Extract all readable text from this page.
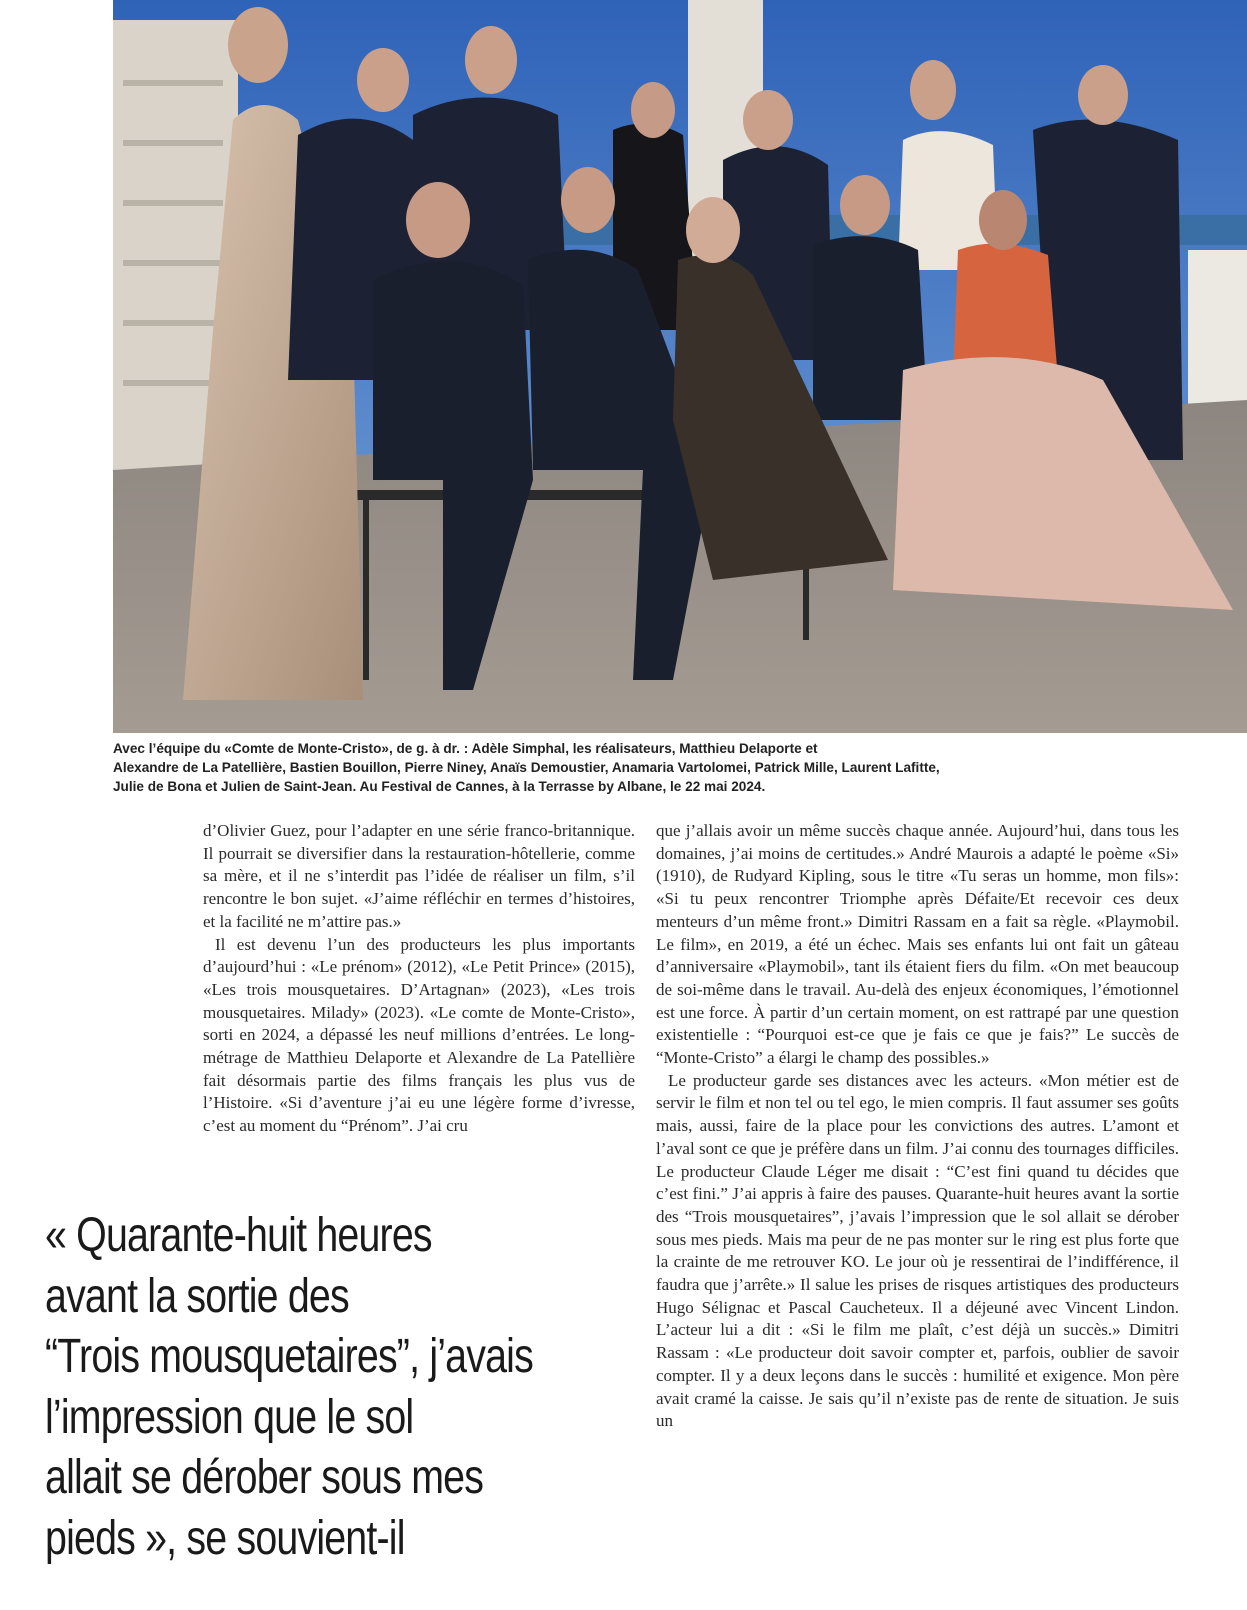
Avec l’équipe du «Comte de Monte-Cristo», de g. à dr. : Adèle Simphal, les réalisateurs, Matthieu Delaporte et

Alexandre de La Patellière, Bastien Bouillon, Pierre Niney, Anaïs Demoustier, Anamaria Vartolomei, Patrick Mille, Laurent Lafitte,

Julie de Bona et Julien de Saint-Jean. Au Festival de Cannes, à la Terrasse by Albane, le 22 mai 2024.

d’Olivier Guez, pour l’adapter en une série franco-britannique. Il pourrait se diversifier dans la restauration-hôtellerie, comme sa mère, et il ne s’interdit pas l’idée de réaliser un film, s’il rencontre le bon sujet. «J’aime réfléchir en termes d’histoires, et la facilité ne m’attire pas.»

Il est devenu l’un des producteurs les plus importants d’aujourd’hui : «Le prénom» (2012), «Le Petit Prince» (2015), «Les trois mousquetaires. D’Artagnan» (2023), «Les trois mousquetaires. Milady» (2023). «Le comte de Monte-Cristo», sorti en 2024, a dépassé les neuf millions d’entrées. Le long-métrage de Matthieu Delaporte et Alexandre de La Patellière fait désormais partie des films français les plus vus de l’Histoire. «Si d’aventure j’ai eu une légère forme d’ivresse, c’est au moment du “Prénom”. J’ai cru

que j’allais avoir un même succès chaque année. Aujourd’hui, dans tous les domaines, j’ai moins de certitudes.» André Maurois a adapté le poème «Si» (1910), de Rudyard Kipling, sous le titre «Tu seras un homme, mon fils»: «Si tu peux rencontrer Triomphe après Défaite/Et recevoir ces deux menteurs d’un même front.» Dimitri Rassam en a fait sa règle. «Playmobil. Le film», en 2019, a été un échec. Mais ses enfants lui ont fait un gâteau d’anniversaire «Playmobil», tant ils étaient fiers du film. «On met beaucoup de soi-même dans le travail. Au-delà des enjeux économiques, l’émotionnel est une force. À partir d’un certain moment, on est rattrapé par une question existentielle : “Pourquoi est-ce que je fais ce que je fais?” Le succès de “Monte-Cristo” a élargi le champ des possibles.»

Le producteur garde ses distances avec les acteurs. «Mon métier est de servir le film et non tel ou tel ego, le mien compris. Il faut assumer ses goûts mais, aussi, faire de la place pour les convictions des autres. L’amont et l’aval sont ce que je préfère dans un film. J’ai connu des tournages difficiles. Le producteur Claude Léger me disait : “C’est fini quand tu décides que c’est fini.” J’ai appris à faire des pauses. Quarante-huit heures avant la sortie des “Trois mousquetaires”, j’avais l’impression que le sol allait se dérober sous mes pieds. Mais ma peur de ne pas monter sur le ring est plus forte que la crainte de me retrouver KO. Le jour où je ressentirai de l’indifférence, il faudra que j’arrête.» Il salue les prises de risques artistiques des producteurs Hugo Sélignac et Pascal Caucheteux. Il a déjeuné avec Vincent Lindon. L’acteur lui a dit : «Si le film me plaît, c’est déjà un succès.» Dimitri Rassam : «Le producteur doit savoir compter et, parfois, oublier de savoir compter. Il y a deux leçons dans le succès : humilité et exigence. Mon père avait cramé la caisse. Je sais qu’il n’existe pas de rente de situation. Je suis un

« Quarante-huit heures

avant la sortie des

“Trois mousquetaires”, j’avais

l’impression que le sol

allait se dérober sous mes

pieds », se souvient-il
